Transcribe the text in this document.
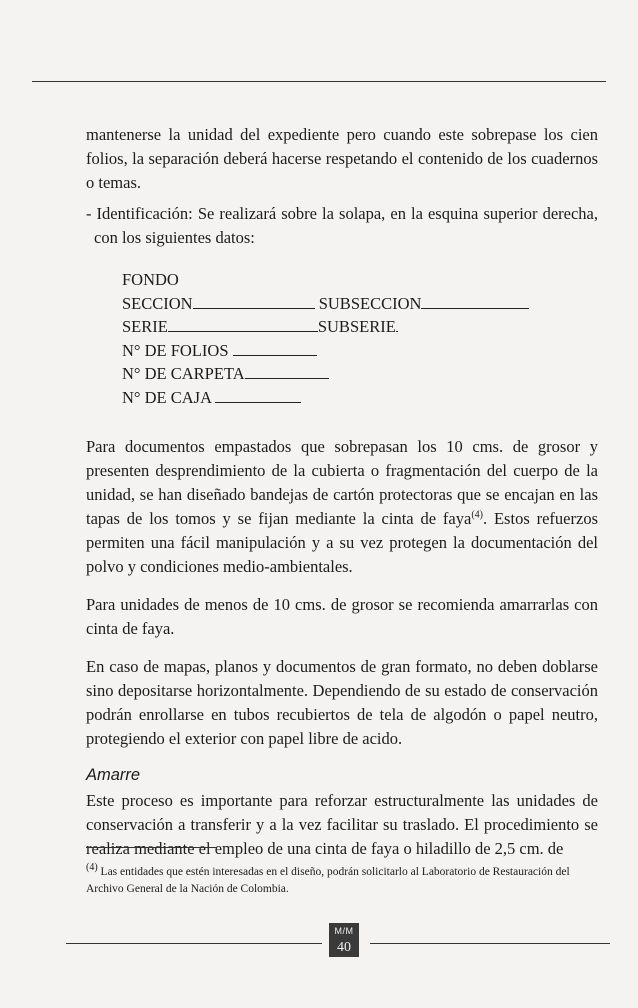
mantenerse la unidad del expediente pero cuando este sobrepase los cien folios, la separación deberá hacerse respetando el contenido de los cuadernos o temas.

- Identificación: Se realizará sobre la solapa, en la esquina superior derecha, con los siguientes datos:

FONDO
SECCION	SUBSECCION
SERIE	SUBSERIE
N° DE FOLIOS
N° DE CARPETA
N° DE CAJA

Para documentos empastados que sobrepasan los 10 cms. de grosor y presenten desprendimiento de la cubierta o fragmentación del cuerpo de la unidad, se han diseñado bandejas de cartón protectoras que se encajan en las tapas de los tomos y se fijan mediante la cinta de faya$^{(4)}$. Estos refuerzos permiten una fácil manipulación y a su vez protegen la documentación del polvo y condiciones medio-ambientales.

Para unidades de menos de 10 cms. de grosor se recomienda amarrarlas con cinta de faya.

En caso de mapas, planos y documentos de gran formato, no deben doblarse sino depositarse horizontalmente. Dependiendo de su estado de conservación podrán enrollarse en tubos recubiertos de tela de algodón o papel neutro, protegiendo el exterior con papel libre de acido.

Amarre

Este proceso es importante para reforzar estructuralmente las unidades de conservación a transferir y a la vez facilitar su traslado. El procedimiento se realiza mediante el empleo de una cinta de faya o hiladillo de 2,5 cm. de

$^{(4)}$ Las entidades que estén interesadas en el diseño, podrán solicitarlo al Laboratorio de Restauración del Archivo General de la Nación de Colombia.
M/M
40
